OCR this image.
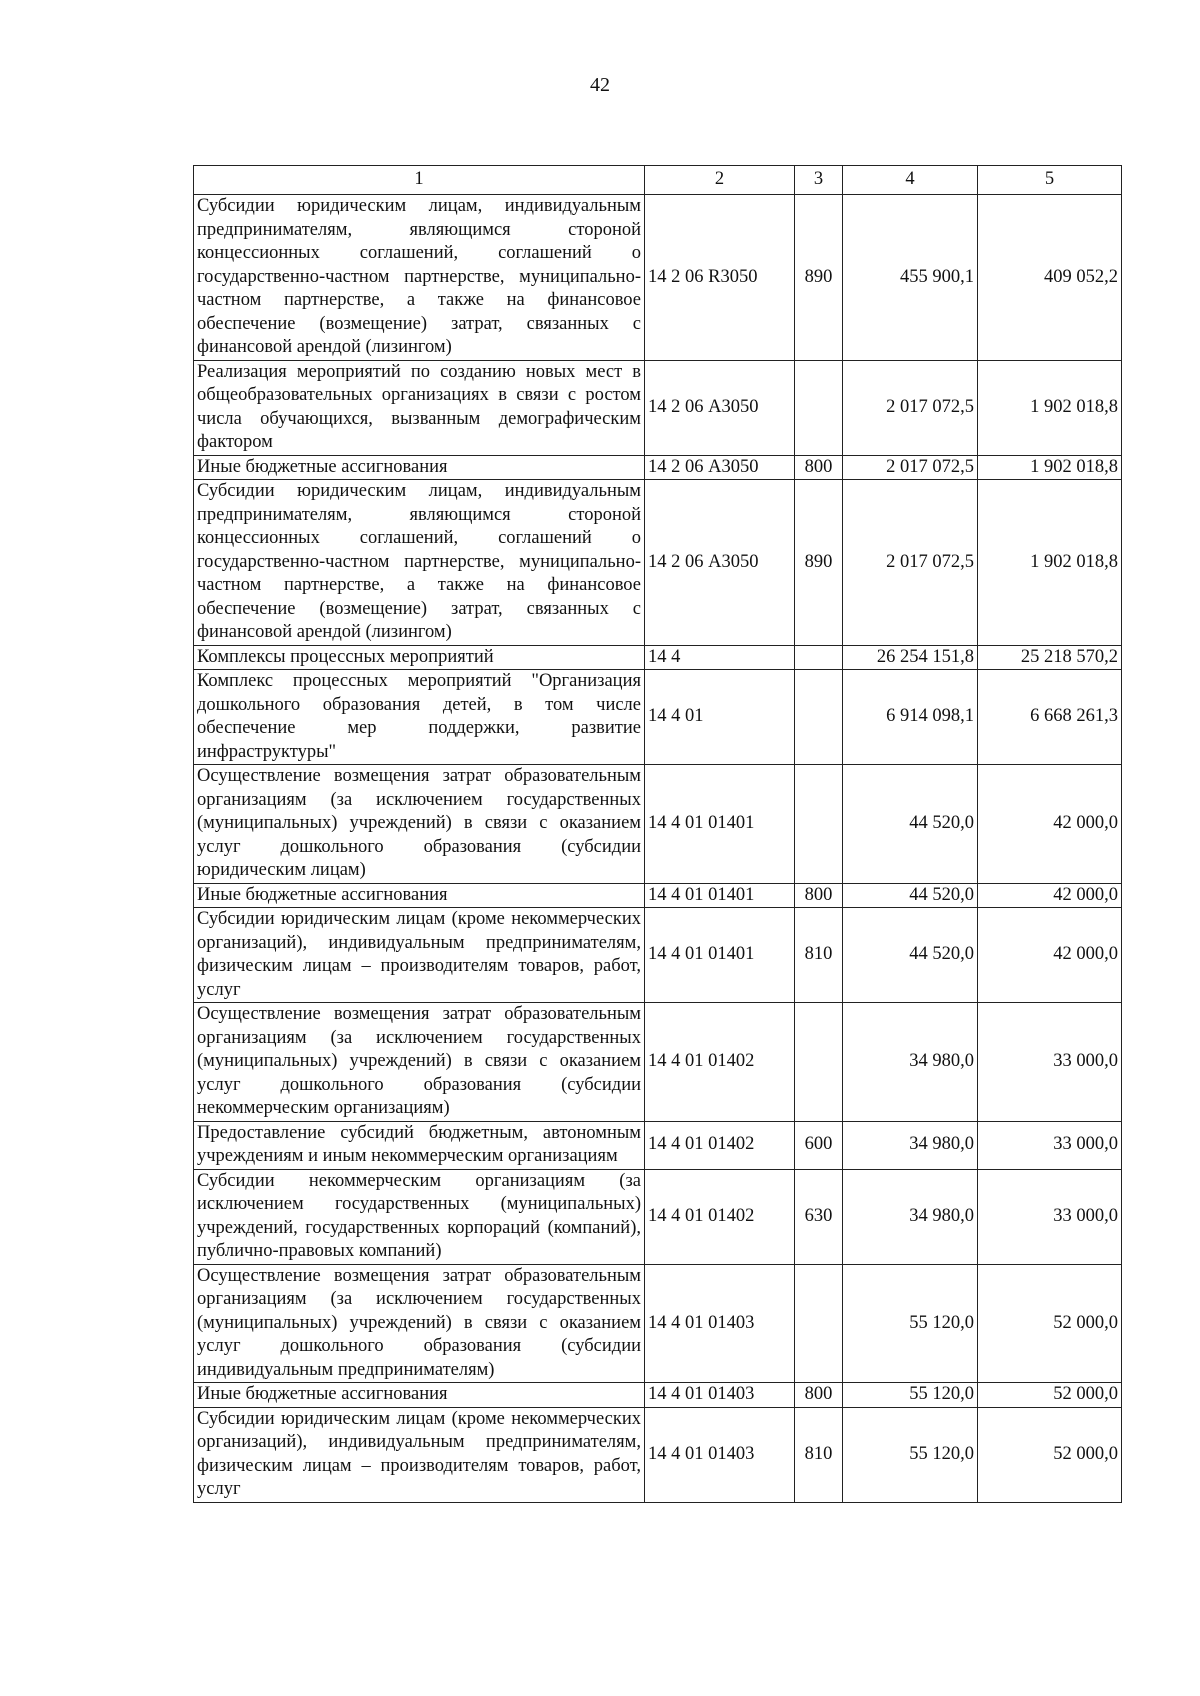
42
1	2	3	4	5
Субсидии юридическим лицам, индивидуальным предпринимателям, являющимся стороной концессионных соглашений, соглашений о государственно-частном партнерстве, муниципально-частном партнерстве, а также на финансовое обеспечение (возмещение) затрат, связанных с финансовой арендой (лизингом)	14 2 06 R3050	890	455 900,1	409 052,2
Реализация мероприятий по созданию новых мест в общеобразовательных организациях в связи с ростом числа обучающихся, вызванным демографическим фактором	14 2 06 А3050		2 017 072,5	1 902 018,8
Иные бюджетные ассигнования	14 2 06 А3050	800	2 017 072,5	1 902 018,8
Субсидии юридическим лицам, индивидуальным предпринимателям, являющимся стороной концессионных соглашений, соглашений о государственно-частном партнерстве, муниципально-частном партнерстве, а также на финансовое обеспечение (возмещение) затрат, связанных с финансовой арендой (лизингом)	14 2 06 А3050	890	2 017 072,5	1 902 018,8
Комплексы процессных мероприятий	14 4		26 254 151,8	25 218 570,2
Комплекс процессных мероприятий "Организация дошкольного образования детей, в том числе обеспечение мер поддержки, развитие инфраструктуры"	14 4 01		6 914 098,1	6 668 261,3
Осуществление возмещения затрат образовательным организациям (за исключением государственных (муниципальных) учреждений) в связи с оказанием услуг дошкольного образования (субсидии юридическим лицам)	14 4 01 01401		44 520,0	42 000,0
Иные бюджетные ассигнования	14 4 01 01401	800	44 520,0	42 000,0
Субсидии юридическим лицам (кроме некоммерческих организаций), индивидуальным предпринимателям, физическим лицам – производителям товаров, работ, услуг	14 4 01 01401	810	44 520,0	42 000,0
Осуществление возмещения затрат образовательным организациям (за исключением государственных (муниципальных) учреждений) в связи с оказанием услуг дошкольного образования (субсидии некоммерческим организациям)	14 4 01 01402		34 980,0	33 000,0
Предоставление субсидий бюджетным, автономным учреждениям и иным некоммерческим организациям	14 4 01 01402	600	34 980,0	33 000,0
Субсидии некоммерческим организациям (за исключением государственных (муниципальных) учреждений, государственных корпораций (компаний), публично-правовых компаний)	14 4 01 01402	630	34 980,0	33 000,0
Осуществление возмещения затрат образовательным организациям (за исключением государственных (муниципальных) учреждений) в связи с оказанием услуг дошкольного образования (субсидии индивидуальным предпринимателям)	14 4 01 01403		55 120,0	52 000,0
Иные бюджетные ассигнования	14 4 01 01403	800	55 120,0	52 000,0
Субсидии юридическим лицам (кроме некоммерческих организаций), индивидуальным предпринимателям, физическим лицам – производителям товаров, работ, услуг	14 4 01 01403	810	55 120,0	52 000,0
